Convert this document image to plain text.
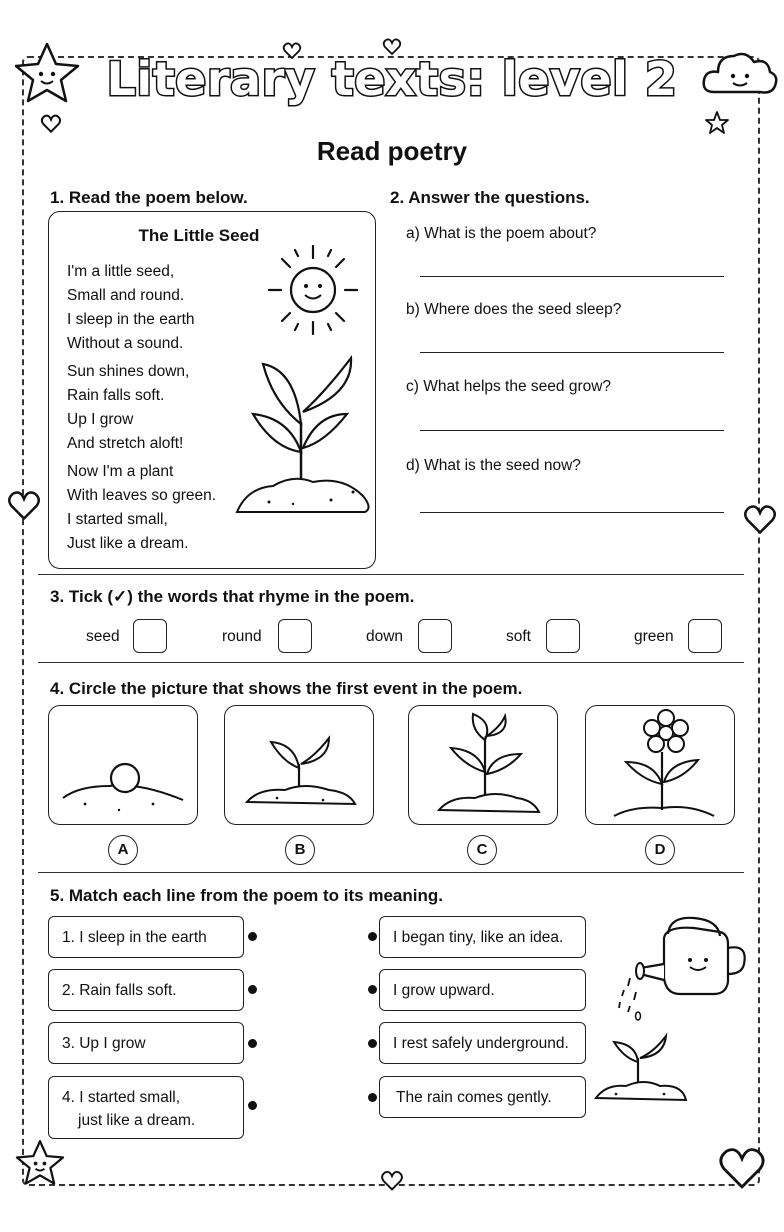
Literary texts: level 2
Read poetry
1. Read the poem below.
The Little Seed
I'm a little seed,
Small and round.
I sleep in the earth
Without a sound.
Sun shines down,
Rain falls soft.
Up I grow
And stretch aloft!
Now I'm a plant
With leaves so green.
I started small,
Just like a dream.
2. Answer the questions.
a) What is the poem about?
b) Where does the seed sleep?
c) What helps the seed grow?
d) What is the seed now?
3. Tick (✓) the words that rhyme in the poem.
seed	round	down	soft	green
4. Circle the picture that shows the first event in the poem.
A	B	C	D
5. Match each line from the poem to its meaning.
1. I sleep in the earth
2. Rain falls soft.
3. Up I grow
4. I started small,
just like a dream.
I began tiny, like an idea.
I grow upward.
I rest safely underground.
The rain comes gently.
